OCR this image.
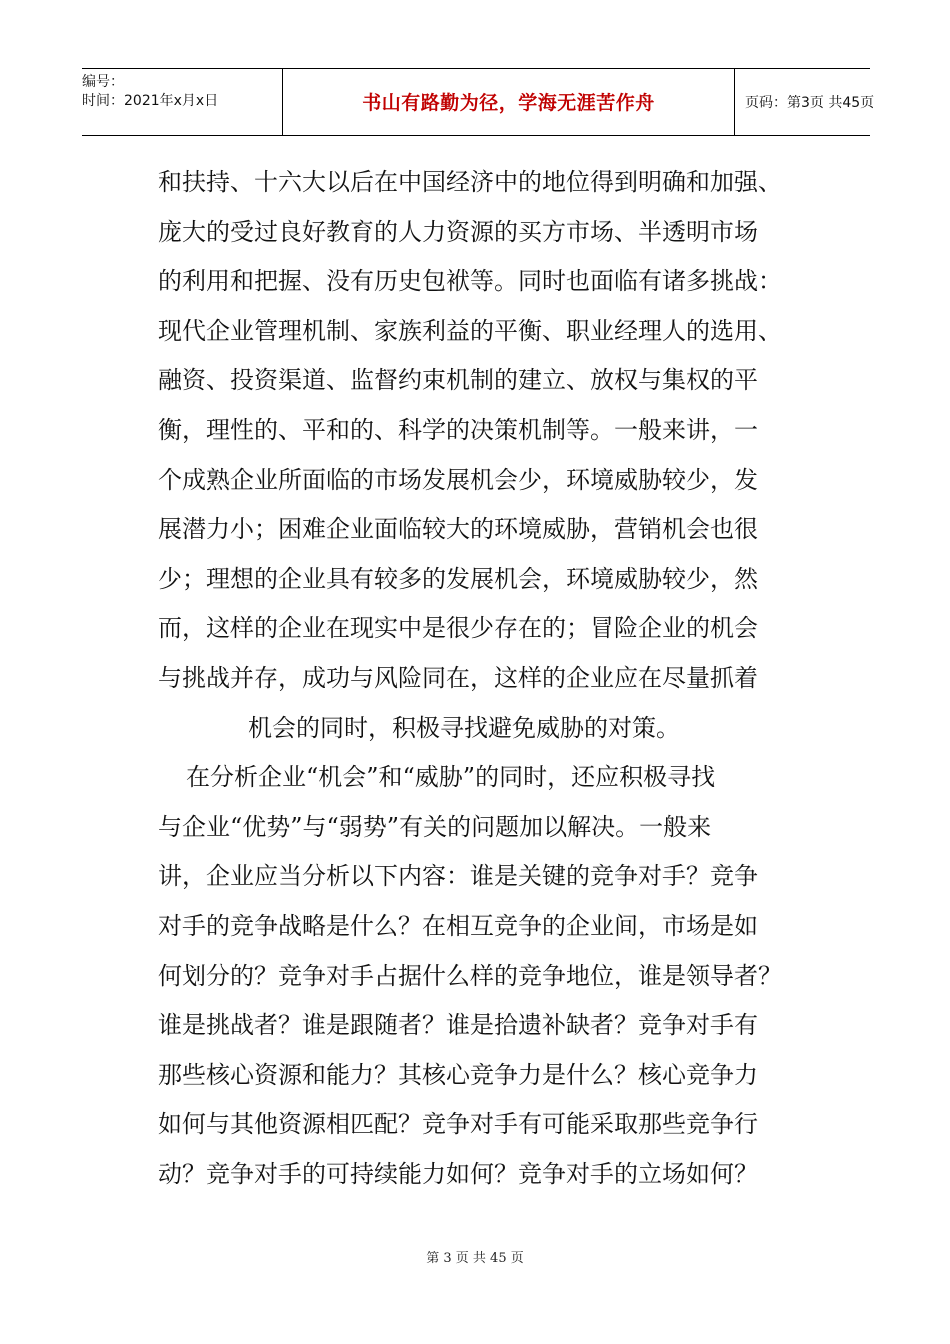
编号：
时间：2021年x月x日	书山有路勤为径，学海无涯苦作舟	页码：第3页 共45页
和扶持、十六大以后在中国经济中的地位得到明确和加强、
庞大的受过良好教育的人力资源的买方市场、半透明市场
的利用和把握、没有历史包袱等。同时也面临有诸多挑战：
现代企业管理机制、家族利益的平衡、职业经理人的选用、
融资、投资渠道、监督约束机制的建立、放权与集权的平
衡，理性的、平和的、科学的决策机制等。一般来讲，一
个成熟企业所面临的市场发展机会少，环境威胁较少，发
展潜力小；困难企业面临较大的环境威胁，营销机会也很
少；理想的企业具有较多的发展机会，环境威胁较少，然
而，这样的企业在现实中是很少存在的；冒险企业的机会
与挑战并存，成功与风险同在，这样的企业应在尽量抓着
机会的同时，积极寻找避免威胁的对策。
在分析企业“机会”和“威胁”的同时，还应积极寻找
与企业“优势”与“弱势”有关的问题加以解决。一般来
讲，企业应当分析以下内容：谁是关键的竞争对手？竞争
对手的竞争战略是什么？在相互竞争的企业间，市场是如
何划分的？竞争对手占据什么样的竞争地位，谁是领导者？
谁是挑战者？谁是跟随者？谁是拾遗补缺者？竞争对手有
那些核心资源和能力？其核心竞争力是什么？核心竞争力
如何与其他资源相匹配？竞争对手有可能采取那些竞争行
动？竞争对手的可持续能力如何？竞争对手的立场如何？
第 3 页 共 45 页
